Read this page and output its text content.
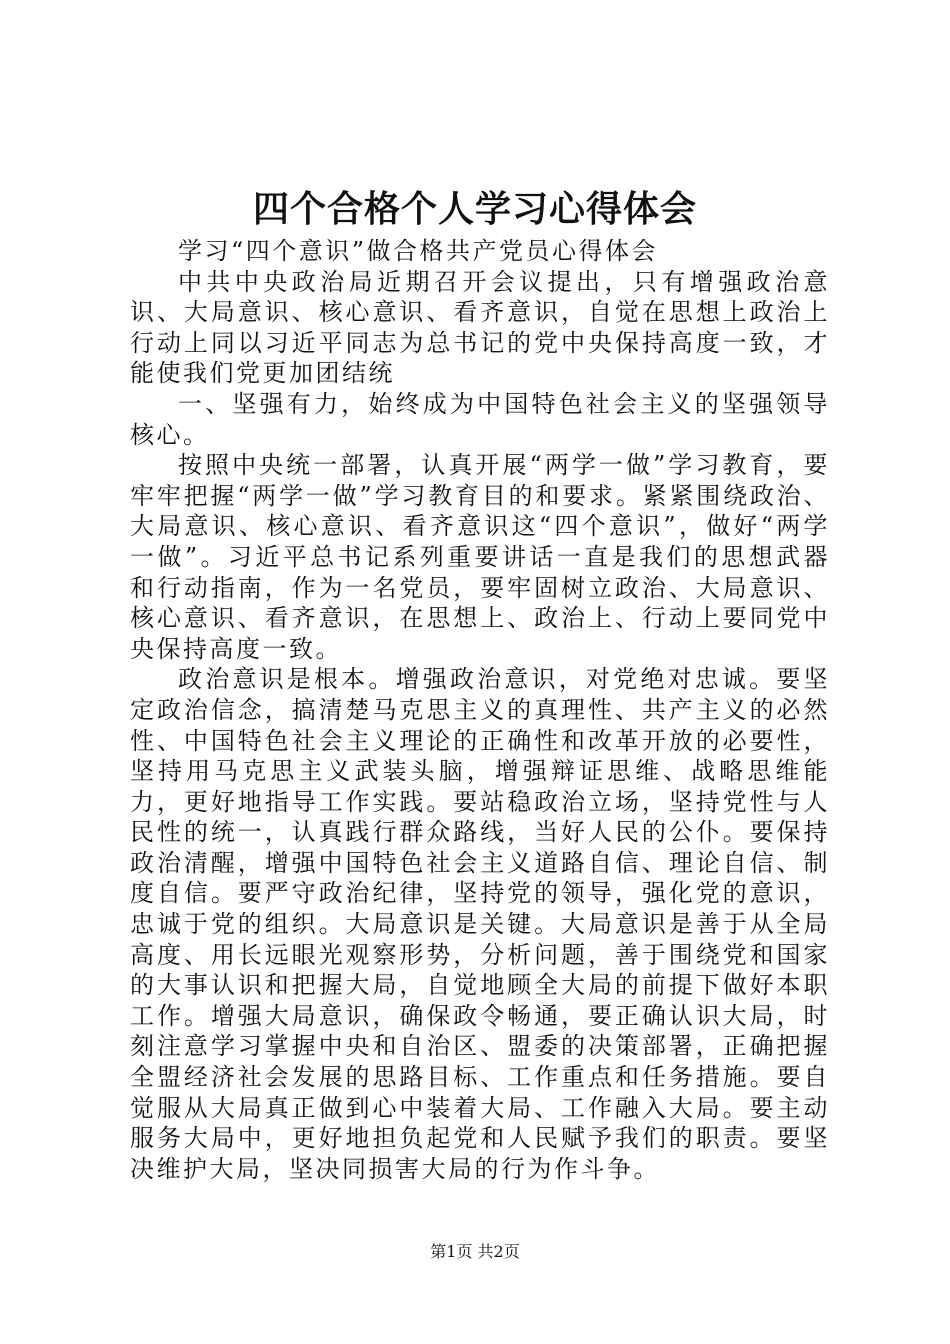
四个合格个人学习心得体会

学习“四个意识”做合格共产党员心得体会

中共中央政治局近期召开会议提出，只有增强政治意识、大局意识、核心意识、看齐意识，自觉在思想上政治上行动上同以习近平同志为总书记的党中央保持高度一致，才能使我们党更加团结统

一、坚强有力，始终成为中国特色社会主义的坚强领导核心。

按照中央统一部署，认真开展“两学一做”学习教育，要牢牢把握“两学一做”学习教育目的和要求。紧紧围绕政治、大局意识、核心意识、看齐意识这“四个意识”，做好“两学一做”。习近平总书记系列重要讲话一直是我们的思想武器和行动指南，作为一名党员，要牢固树立政治、大局意识、核心意识、看齐意识，在思想上、政治上、行动上要同党中央保持高度一致。

政治意识是根本。增强政治意识，对党绝对忠诚。要坚定政治信念，搞清楚马克思主义的真理性、共产主义的必然性、中国特色社会主义理论的正确性和改革开放的必要性，坚持用马克思主义武装头脑，增强辩证思维、战略思维能力，更好地指导工作实践。要站稳政治立场，坚持党性与人民性的统一，认真践行群众路线，当好人民的公仆。要保持政治清醒，增强中国特色社会主义道路自信、理论自信、制度自信。要严守政治纪律，坚持党的领导，强化党的意识，忠诚于党的组织。大局意识是关键。大局意识是善于从全局高度、用长远眼光观察形势，分析问题，善于围绕党和国家的大事认识和把握大局，自觉地顾全大局的前提下做好本职工作。增强大局意识，确保政令畅通，要正确认识大局，时刻注意学习掌握中央和自治区、盟委的决策部署，正确把握全盟经济社会发展的思路目标、工作重点和任务措施。要自觉服从大局真正做到心中装着大局、工作融入大局。要主动服务大局中，更好地担负起党和人民赋予我们的职责。要坚决维护大局，坚决同损害大局的行为作斗争。

第1页 共2页
